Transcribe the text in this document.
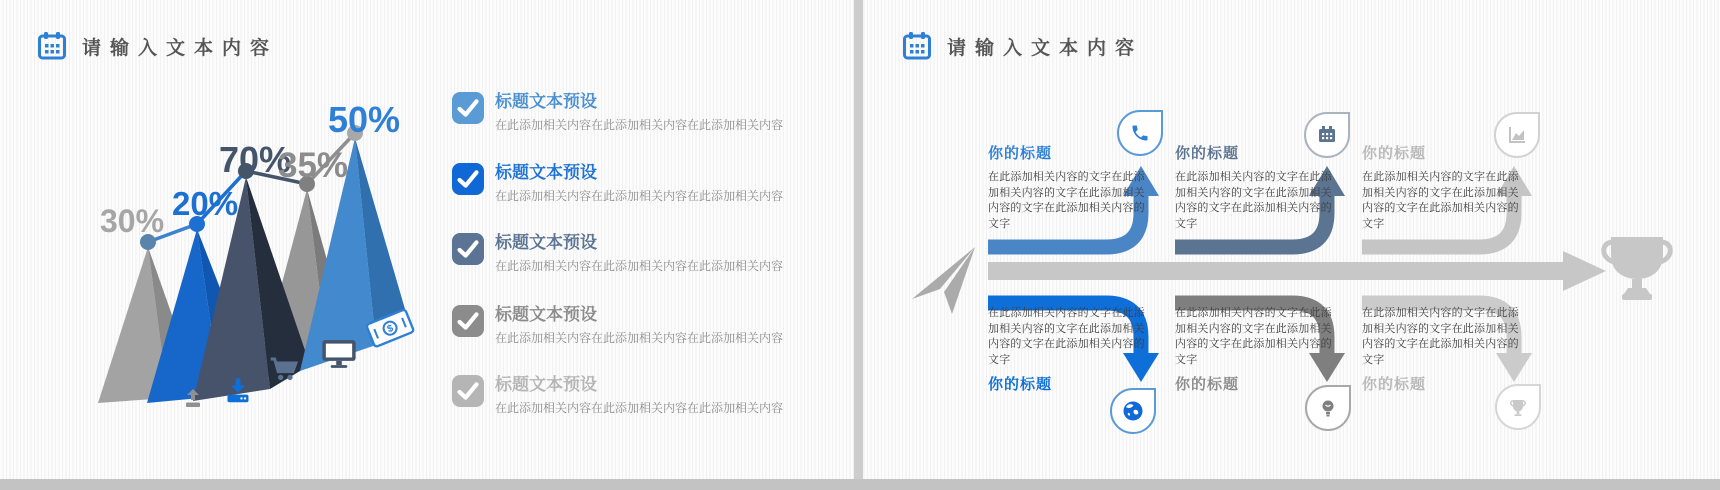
请输入文本内容
30% 20%
70%
35%
50%
$
标题文本预设
在此添加相关内容在此添加相关内容在此添加相关内容
标题文本预设
在此添加相关内容在此添加相关内容在此添加相关内容
标题文本预设
在此添加相关内容在此添加相关内容在此添加相关内容
标题文本预设
在此添加相关内容在此添加相关内容在此添加相关内容
标题文本预设
在此添加相关内容在此添加相关内容在此添加相关内容
请输入文本内容
你的标题
在此添加相关内容的文字在此添加相关内容的文字在此添加相关内容的文字在此添加相关内容的文字
你的标题
在此添加相关内容的文字在此添加相关内容的文字在此添加相关内容的文字在此添加相关内容的文字
你的标题
在此添加相关内容的文字在此添加相关内容的文字在此添加相关内容的文字在此添加相关内容的文字
在此添加相关内容的文字在此添加相关内容的文字在此添加相关内容的文字在此添加相关内容的文字
你的标题
在此添加相关内容的文字在此添加相关内容的文字在此添加相关内容的文字在此添加相关内容的文字
你的标题
在此添加相关内容的文字在此添加相关内容的文字在此添加相关内容的文字在此添加相关内容的文字
你的标题
